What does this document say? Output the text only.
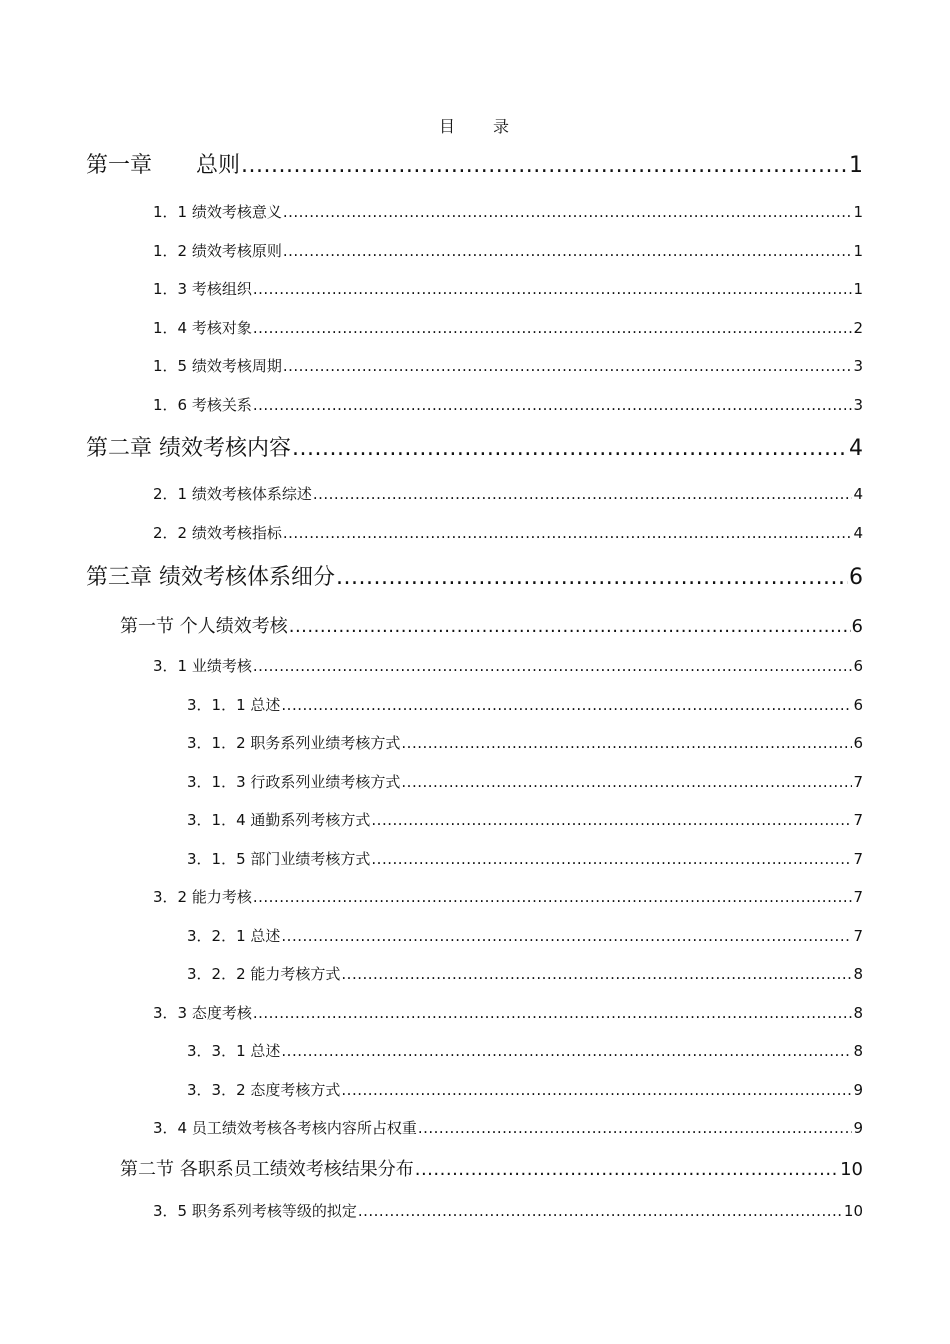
目　　录
第一章　　总则 .....	1
1．1 绩效考核意义 .....	1
1．2 绩效考核原则 .....	1
1．3 考核组织 .....	1
1．4 考核对象 .....	2
1．5 绩效考核周期 .....	3
1．6 考核关系 .....	3
第二章 绩效考核内容 .....	4
2．1 绩效考核体系综述 .....	4
2．2 绩效考核指标 .....	4
第三章 绩效考核体系细分 .....	6
第一节 个人绩效考核 .....	6
3．1 业绩考核 .....	6
3．1．1 总述 .....	6
3．1．2 职务系列业绩考核方式 .....	6
3．1．3 行政系列业绩考核方式 .....	7
3．1．4 通勤系列考核方式 .....	7
3．1．5 部门业绩考核方式 .....	7
3．2 能力考核 .....	7
3．2．1 总述 .....	7
3．2．2 能力考核方式 .....	8
3．3 态度考核 .....	8
3．3．1 总述 .....	8
3．3．2 态度考核方式 .....	9
3．4 员工绩效考核各考核内容所占权重 .....	9
第二节 各职系员工绩效考核结果分布 .....	10
3．5 职务系列考核等级的拟定 .....	10
